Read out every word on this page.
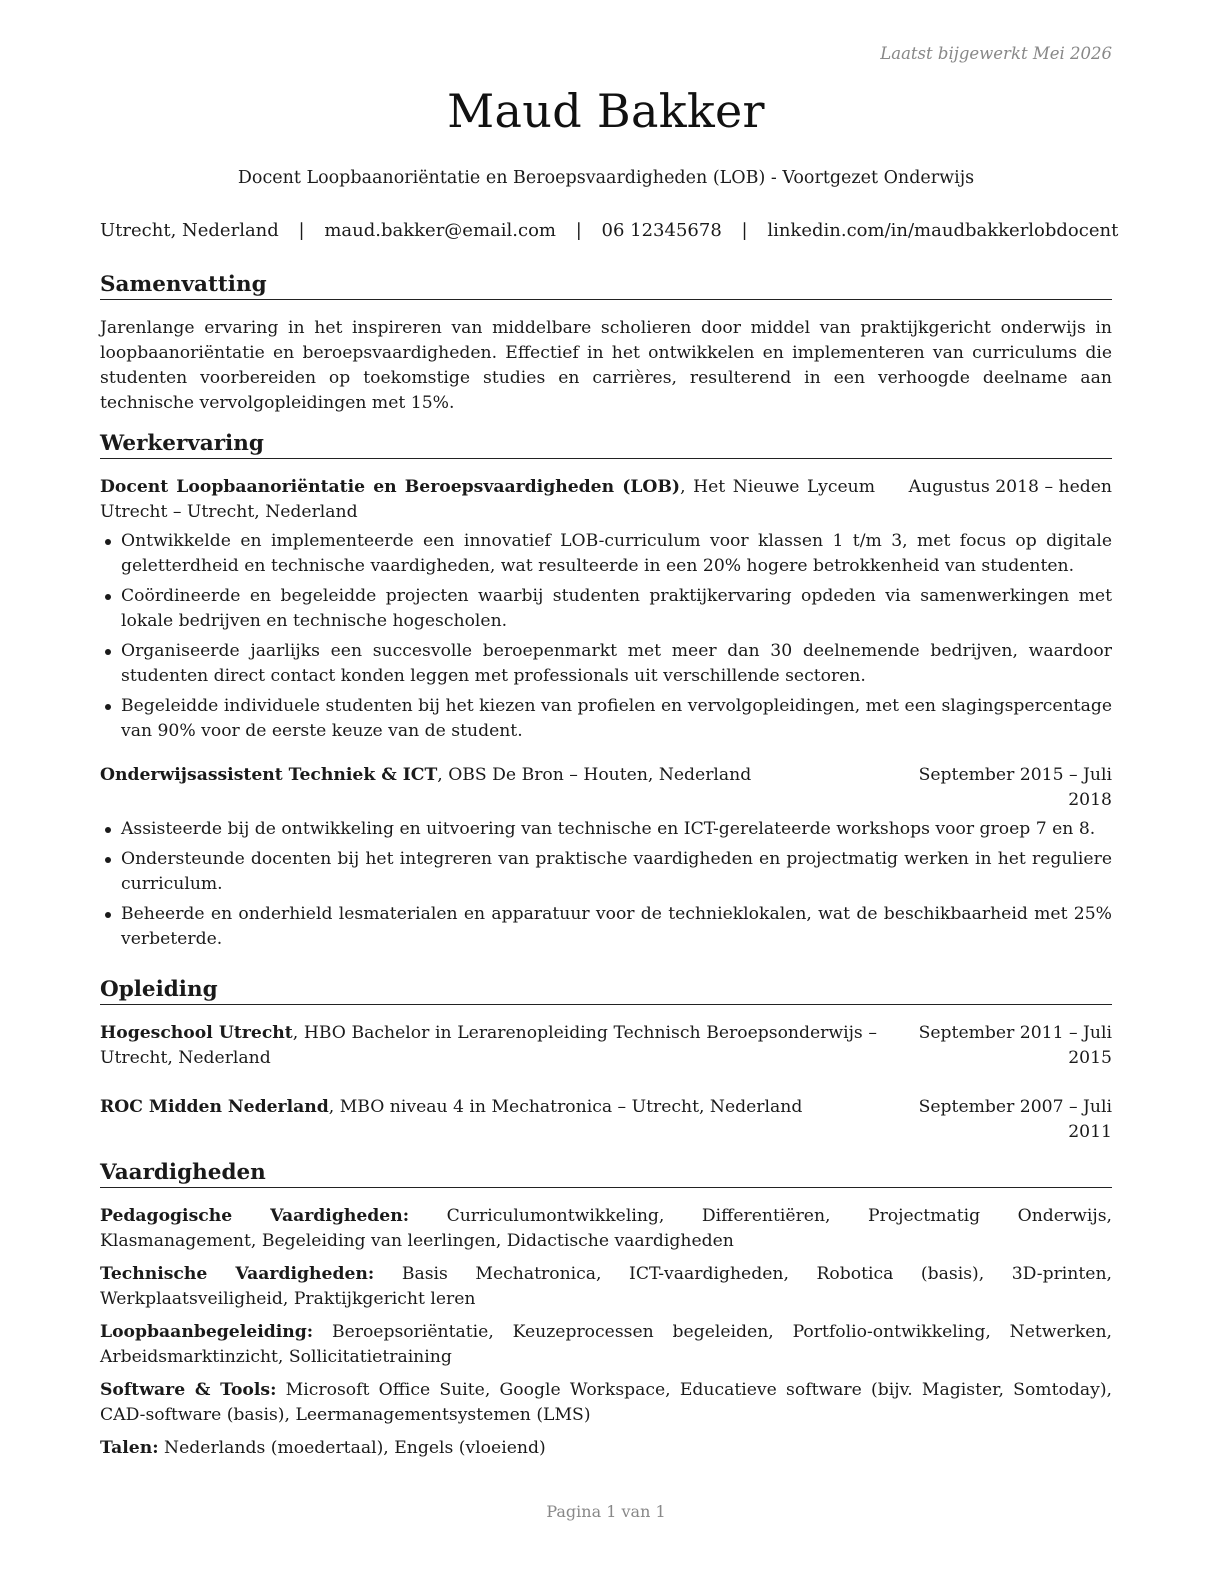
Laatst bijgewerkt Mei 2026
Maud Bakker
Docent Loopbaanoriëntatie en Beroepsvaardigheden (LOB) - Voortgezet Onderwijs
Utrecht, Nederland | maud.bakker@email.com | 06 12345678 | linkedin.com/in/maudbakkerlobdocent
Samenvatting

Jarenlange ervaring in het inspireren van middelbare scholieren door middel van praktijkgericht onderwijs in loopbaanoriëntatie en beroepsvaardigheden. Effectief in het ontwikkelen en implementeren van curriculums die studenten voorbereiden op toekomstige studies en carrières, resulterend in een verhoogde deelname aan technische vervolgopleidingen met 15%.

Werkervaring

Docent Loopbaanoriëntatie en Beroepsvaardigheden (LOB), Het Nieuwe Lyceum Utrecht – Utrecht, Nederland

Augustus 2018 – heden
Ontwikkelde en implementeerde een innovatief LOB-curriculum voor klassen 1 t/m 3, met focus op digitale geletterdheid en technische vaardigheden, wat resulteerde in een 20% hogere betrokkenheid van studenten.
Coördineerde en begeleidde projecten waarbij studenten praktijkervaring opdeden via samenwerkingen met lokale bedrijven en technische hogescholen.
Organiseerde jaarlijks een succesvolle beroepenmarkt met meer dan 30 deelnemende bedrijven, waardoor studenten direct contact konden leggen met professionals uit verschillende sectoren.
Begeleidde individuele studenten bij het kiezen van profielen en vervolgopleidingen, met een slagingspercentage van 90% voor de eerste keuze van de student.

Onderwijsassistent Techniek & ICT, OBS De Bron – Houten, Nederland	September 2015 – Juli 2018
Assisteerde bij de ontwikkeling en uitvoering van technische en ICT-gerelateerde workshops voor groep 7 en 8.
Ondersteunde docenten bij het integreren van praktische vaardigheden en projectmatig werken in het reguliere curriculum.
Beheerde en onderhield lesmaterialen en apparatuur voor de technieklokalen, wat de beschikbaarheid met 25% verbeterde.
Opleiding

Hogeschool Utrecht, HBO Bachelor in Lerarenopleiding Technisch Beroepsonderwijs – Utrecht, Nederland

September 2011 – Juli 2015

ROC Midden Nederland, MBO niveau 4 in Mechatronica – Utrecht, Nederland	September 2007 – Juli 2011
Vaardigheden

Pedagogische Vaardigheden: Curriculumontwikkeling, Differentiëren, Projectmatig Onderwijs, Klasmanagement, Begeleiding van leerlingen, Didactische vaardigheden

Technische Vaardigheden: Basis Mechatronica, ICT-vaardigheden, Robotica (basis), 3D-printen, Werkplaatsveiligheid, Praktijkgericht leren

Loopbaanbegeleiding: Beroepsoriëntatie, Keuzeprocessen begeleiden, Portfolio-ontwikkeling, Netwerken, Arbeidsmarktinzicht, Sollicitatietraining

Software & Tools: Microsoft Office Suite, Google Workspace, Educatieve software (bijv. Magister, Somtoday), CAD-software (basis), Leermanagementsystemen (LMS)

Talen: Nederlands (moedertaal), Engels (vloeiend)

Pagina 1 van 1
